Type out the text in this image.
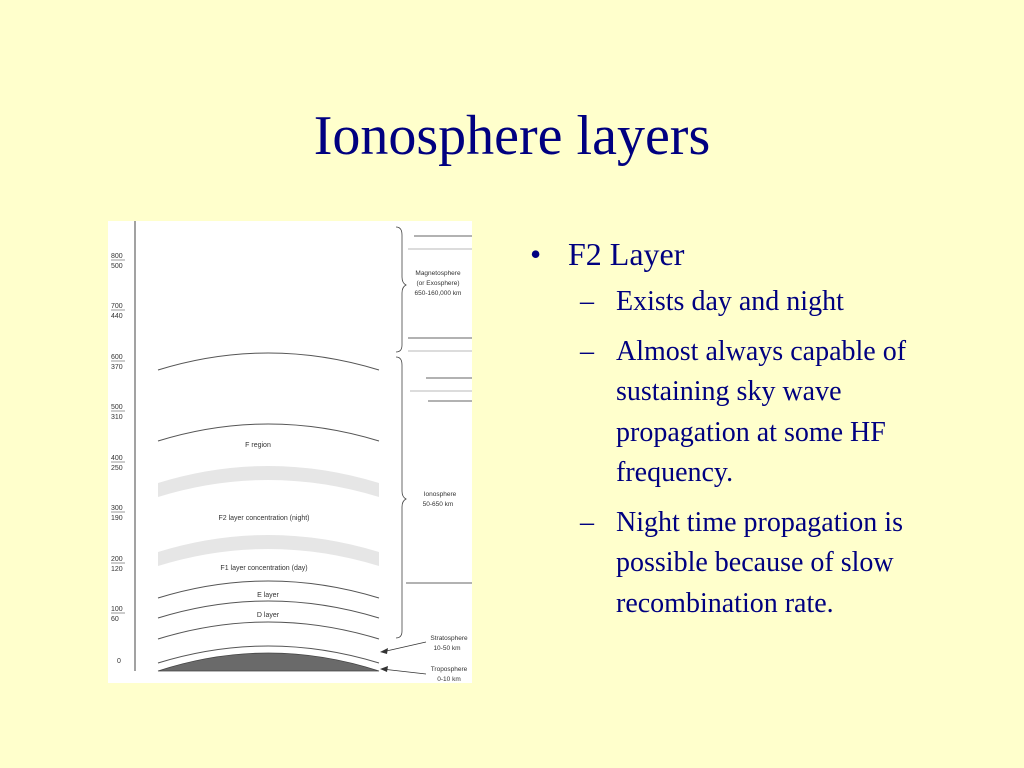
Ionosphere layers
800
500
700
440
600
370
500
310
400
250
300
190
200
120
100
60
0
F region
F2 layer concentration (night)
F1 layer concentration (day)
E layer
D layer
Magnetosphere
(or Exosphere)
650-160,000 km
Ionosphere
50-650 km
Stratosphere
10-50 km
Troposphere
0-10 km
• F2 Layer
– Exists day and night
– Almost always capable of sustaining sky wave propagation at some HF frequency.
– Night time propagation is possible because of slow recombination rate.
